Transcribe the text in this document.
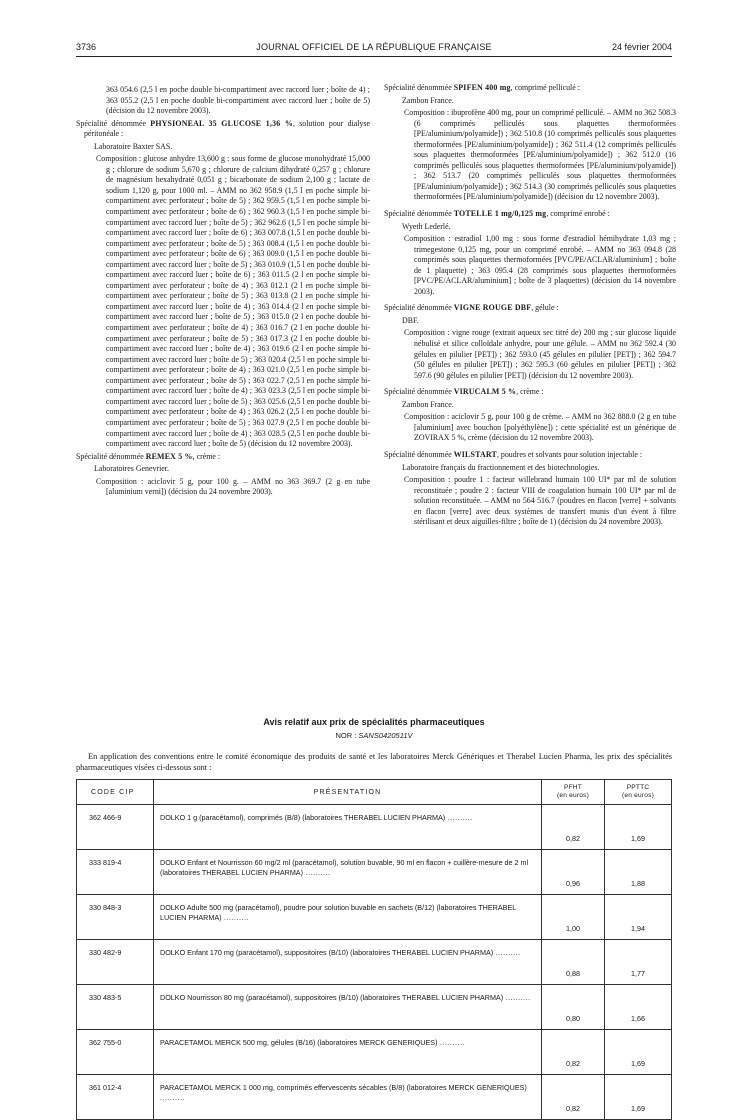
3736	JOURNAL OFFICIEL DE LA RÉPUBLIQUE FRANÇAISE	24 février 2004

363 054.6 (2,5 l en poche double bi-compartiment avec raccord luer ; boîte de 4) ; 363 055.2 (2,5 l en poche double bi-compartiment avec raccord luer ; boîte de 5) (décision du 12 novembre 2003).

Spécialité dénommée PHYSIONEAL 35 GLUCOSE 1,36 %, solution pour dialyse péritonéale :

Laboratoire Baxter SAS.

Composition : glucose anhydre 13,600 g : sous forme de glucose monohydraté 15,000 g ; chlorure de sodium 5,670 g ; chlorure de calcium dihydraté 0,257 g ; chlorure de magnésium hexahydraté 0,051 g ; bicarbonate de sodium 2,100 g ; lactate de sodium 1,120 g, pour 1000 ml. – AMM no 362 958.9 (1,5 l en poche simple bi-compartiment avec perforateur ; boîte de 5) ; 362 959.5 (1,5 l en poche simple bi-compartiment avec perforateur ; boîte de 6) ; 362 960.3 (1,5 l en poche simple bi-compartiment avec raccord luer ; boîte de 5) ; 362 962.6 (1,5 l en poche simple bi-compartiment avec raccord luer ; boîte de 6) ; 363 007.8 (1,5 l en poche double bi-compartiment avec perforateur ; boîte de 5) ; 363 008.4 (1,5 l en poche double bi-compartiment avec perforateur ; boîte de 6) ; 363 009.0 (1,5 l en poche double bi-compartiment avec raccord luer ; boîte de 5) ; 363 010.9 (1,5 l en poche double bi-compartiment avec raccord luer ; boîte de 6) ; 363 011.5 (2 l en poche simple bi-compartiment avec perforateur ; boîte de 4) ; 363 012.1 (2 l en poche simple bi-compartiment avec perforateur ; boîte de 5) ; 363 013.8 (2 l en poche simple bi-compartiment avec raccord luer ; boîte de 4) ; 363 014.4 (2 l en poche simple bi-compartiment avec raccord luer ; boîte de 5) ; 363 015.0 (2 l en poche double bi-compartiment avec perforateur ; boîte de 4) ; 363 016.7 (2 l en poche double bi-compartiment avec perforateur ; boîte de 5) ; 363 017.3 (2 l en poche double bi-compartiment avec raccord luer ; boîte de 4) ; 363 019.6 (2 l en poche simple bi-compartiment avec raccord luer ; boîte de 5) ; 363 020.4 (2,5 l en poche simple bi-compartiment avec perforateur ; boîte de 4) ; 363 021.0 (2,5 l en poche simple bi-compartiment avec perforateur ; boîte de 5) ; 363 022.7 (2,5 l en poche simple bi-compartiment avec raccord luer ; boîte de 4) ; 363 023.3 (2,5 l en poche simple bi-compartiment avec raccord luer ; boîte de 5) ; 363 025.6 (2,5 l en poche double bi-compartiment avec perforateur ; boîte de 4) ; 363 026.2 (2,5 l en poche double bi-compartiment avec perforateur ; boîte de 5) ; 363 027.9 (2,5 l en poche double bi-compartiment avec raccord luer ; boîte de 4) ; 363 028.5 (2,5 l en poche double bi-compartiment avec raccord luer ; boîte de 5) (décision du 12 novembre 2003).

Spécialité dénommée REMEX 5 %, crème :

Laboratoires Genevrier.

Composition : aciclovir 5 g, pour 100 g. – AMM no 363 369.7 (2 g en tube [aluminium verni]) (décision du 24 novembre 2003).

Spécialité dénommée SPIFEN 400 mg, comprimé pelliculé :

Zambon France.

Composition : ibuprofène 400 mg, pour un comprimé pelliculé. – AMM no 362 508.3 (6 comprimés pelliculés sous plaquettes thermoformées [PE/aluminium/polyamide]) ; 362 510.8 (10 comprimés pelliculés sous plaquettes thermoformées [PE/aluminium/polyamide]) ; 362 511.4 (12 comprimés pelliculés sous plaquettes thermoformées [PE/aluminium/polyamide]) ; 362 512.0 (16 comprimés pelliculés sous plaquettes thermoformées [PE/aluminium/polyamide]) ; 362 513.7 (20 comprimés pelliculés sous plaquettes thermoformées [PE/aluminium/polyamide]) ; 362 514.3 (30 comprimés pelliculés sous plaquettes thermoformées [PE/aluminium/polyamide]) (décision du 12 novembre 2003).

Spécialité dénommée TOTELLE 1 mg/0,125 mg, comprimé enrobé :

Wyeth Lederlé.

Composition : estradiol 1,00 mg : sous forme d'estradiol hémihydrate 1,03 mg ; trimegestone 0,125 mg, pour un comprimé enrobé. – AMM no 363 094.8 (28 comprimés sous plaquettes thermoformées [PVC/PE/ACLAR/aluminium] ; boîte de 1 plaquette) ; 363 095.4 (28 comprimés sous plaquettes thermoformées [PVC/PE/ACLAR/aluminium] ; boîte de 3 plaquettes) (décision du 14 novembre 2003).

Spécialité dénommée VIGNE ROUGE DBF, gélule :

DBF.

Composition : vigne rouge (extrait aqueux sec titré de) 200 mg ; sur glucose liquide nébulisé et silice colloïdale anhydre, pour une gélule. – AMM no 362 592.4 (30 gélules en pilulier [PET]) ; 362 593.0 (45 gélules en pilulier [PET]) ; 362 594.7 (50 gélules en pilulier [PET]) ; 362 595.3 (60 gélules en pilulier [PET]) ; 362 597.6 (90 gélules en pilulier [PET]) (décision du 12 novembre 2003).

Spécialité dénommée VIRUCALM 5 %, crème :

Zambon France.

Composition : aciclovir 5 g, pour 100 g de crème. – AMM no 362 888.0 (2 g en tube [aluminium] avec bouchon [polyéthylène]) ; cette spécialité est un générique de ZOVIRAX 5 %, crème (décision du 12 novembre 2003).

Spécialité dénommée WILSTART, poudres et solvants pour solution injectable :

Laboratoire français du fractionnement et des biotechnologies.

Composition : poudre 1 : facteur willebrand humain 100 UI* par ml de solution reconstituée ; poudre 2 : facteur VIII de coagulation humain 100 UI* par ml de solution reconstituée. – AMM no 564 516.7 (poudres en flacon [verre] + solvants en flacon [verre] avec deux systèmes de transfert munis d'un évent à filtre stérilisant et deux aiguilles-filtre ; boîte de 1) (décision du 24 novembre 2003).

Avis relatif aux prix de spécialités pharmaceutiques
NOR : SANS0420511V
En application des conventions entre le comité économique des produits de santé et les laboratoires Merck Génériques et Therabel Lucien Pharma, les prix des spécialités pharmaceutiques visées ci-dessous sont :
CODE CIP	PRÉSENTATION	PFHT
(en euros)	PPTTC
(en euros)
362 466-9	DOLKO 1 g (paracétamol), comprimés (B/8) (laboratoires THERABEL LUCIEN PHARMA) ..........	0,82	1,69
333 819-4	DOLKO Enfant et Nourrisson 60 mg/2 ml (paracétamol), solution buvable, 90 ml en flacon + cuillère-mesure de 2 ml (laboratoires THERABEL LUCIEN PHARMA) ..........	0,96	1,88
330 848-3	DOLKO Adulte 500 mg (paracétamol), poudre pour solution buvable en sachets (B/12) (laboratoires THERABEL LUCIEN PHARMA) ..........	1,00	1,94
330 482-9	DOLKO Enfant 170 mg (paracétamol), suppositoires (B/10) (laboratoires THERABEL LUCIEN PHARMA) ..........	0,88	1,77
330 483-5	DOLKO Nourrisson 80 mg (paracétamol), suppositoires (B/10) (laboratoires THERABEL LUCIEN PHARMA) ..........	0,80	1,66
362 755-0	PARACETAMOL MERCK 500 mg, gélules (B/16) (laboratoires MERCK GENERIQUES) ..........	0,82	1,69
361 012-4	PARACETAMOL MERCK 1 000 mg, comprimés effervescents sécables (B/8) (laboratoires MERCK GENERIQUES) ..........	0,82	1,69
